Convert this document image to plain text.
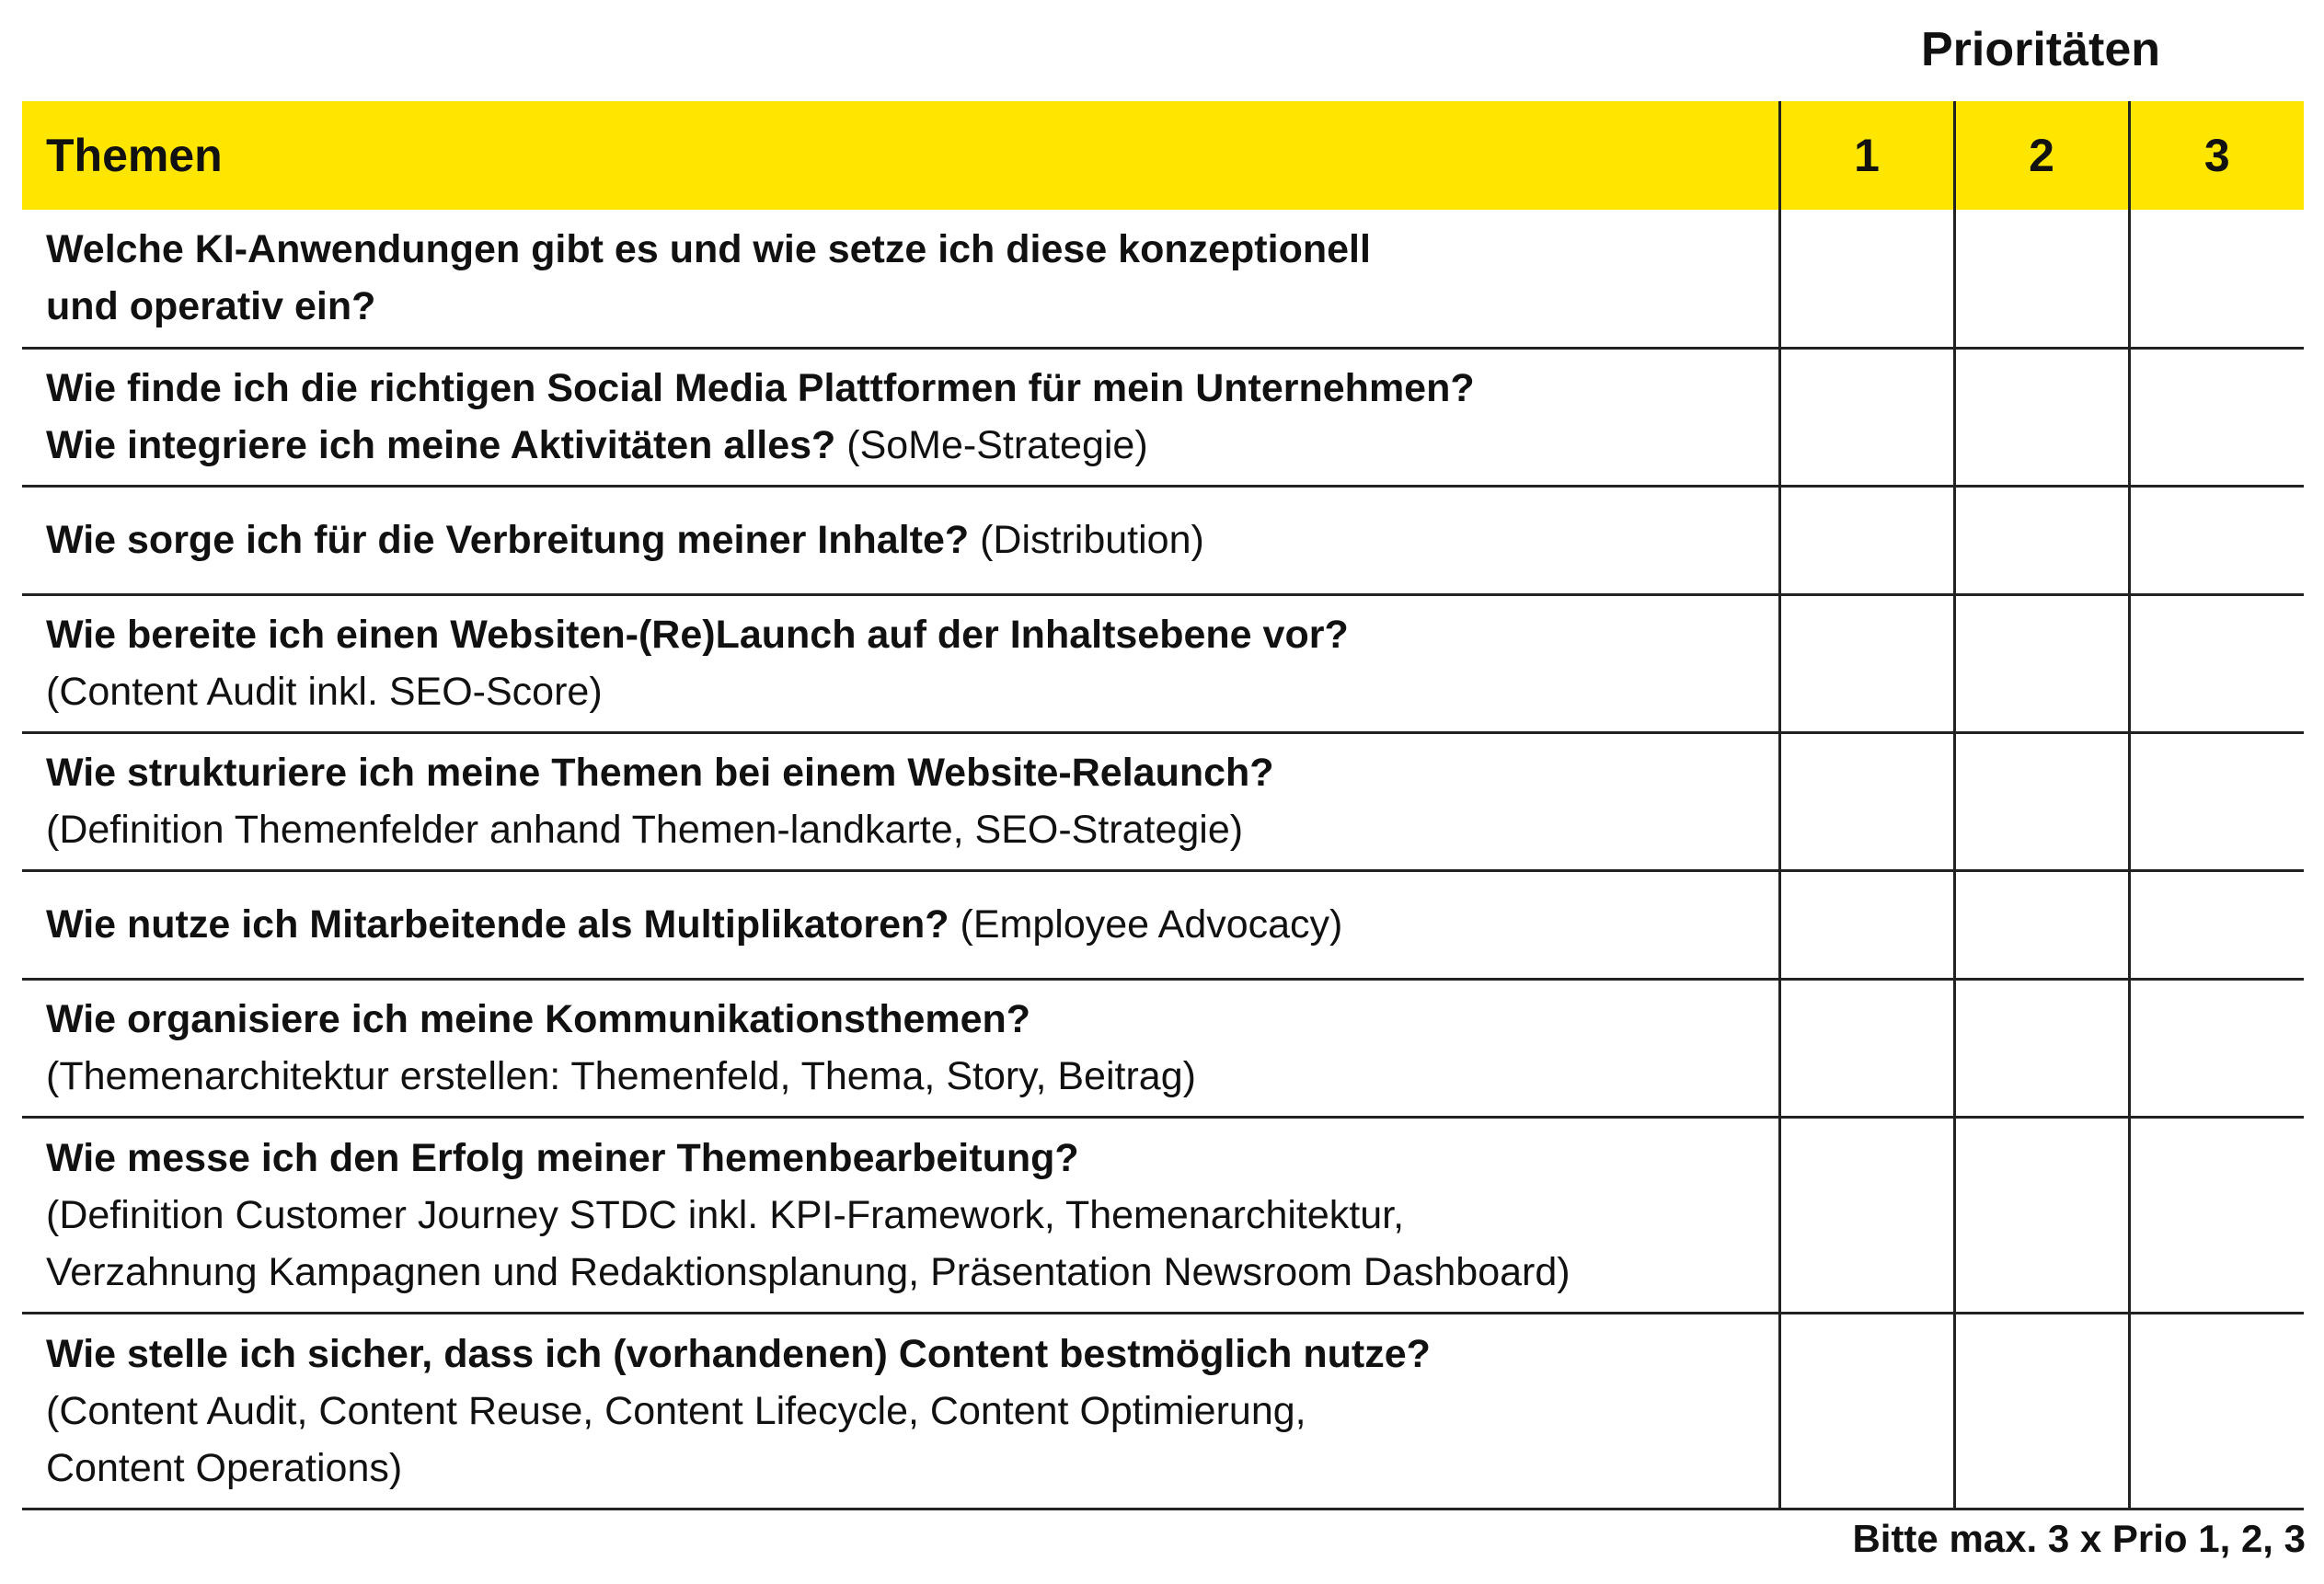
Prioritäten
Themen	1	2	3

Welche KI-Anwendungen gibt es und wie setze ich diese konzeptionell
und operativ ein?			

Wie finde ich die richtigen Social Media Plattformen für mein Unternehmen?
Wie integriere ich meine Aktivitäten alles? (SoMe-Strategie)			

Wie sorge ich für die Verbreitung meiner Inhalte? (Distribution)			

Wie bereite ich einen Websiten-(Re)Launch auf der Inhaltsebene vor?
(Content Audit inkl. SEO-Score)			

Wie strukturiere ich meine Themen bei einem Website-Relaunch?
(Definition Themenfelder anhand Themen-landkarte, SEO-Strategie)			

Wie nutze ich Mitarbeitende als Multiplikatoren? (Employee Advocacy)			

Wie organisiere ich meine Kommunikationsthemen?
(Themenarchitektur erstellen: Themenfeld, Thema, Story, Beitrag)			

Wie messe ich den Erfolg meiner Themenbearbeitung?
(Definition Customer Journey STDC inkl. KPI-Framework, Themenarchitektur,
Verzahnung Kampagnen und Redaktionsplanung, Präsentation Newsroom Dashboard)			

Wie stelle ich sicher, dass ich (vorhandenen) Content bestmöglich nutze?
(Content Audit, Content Reuse, Content Lifecycle, Content Optimierung,
Content Operations)			

Bitte max. 3 x Prio 1, 2, 3
